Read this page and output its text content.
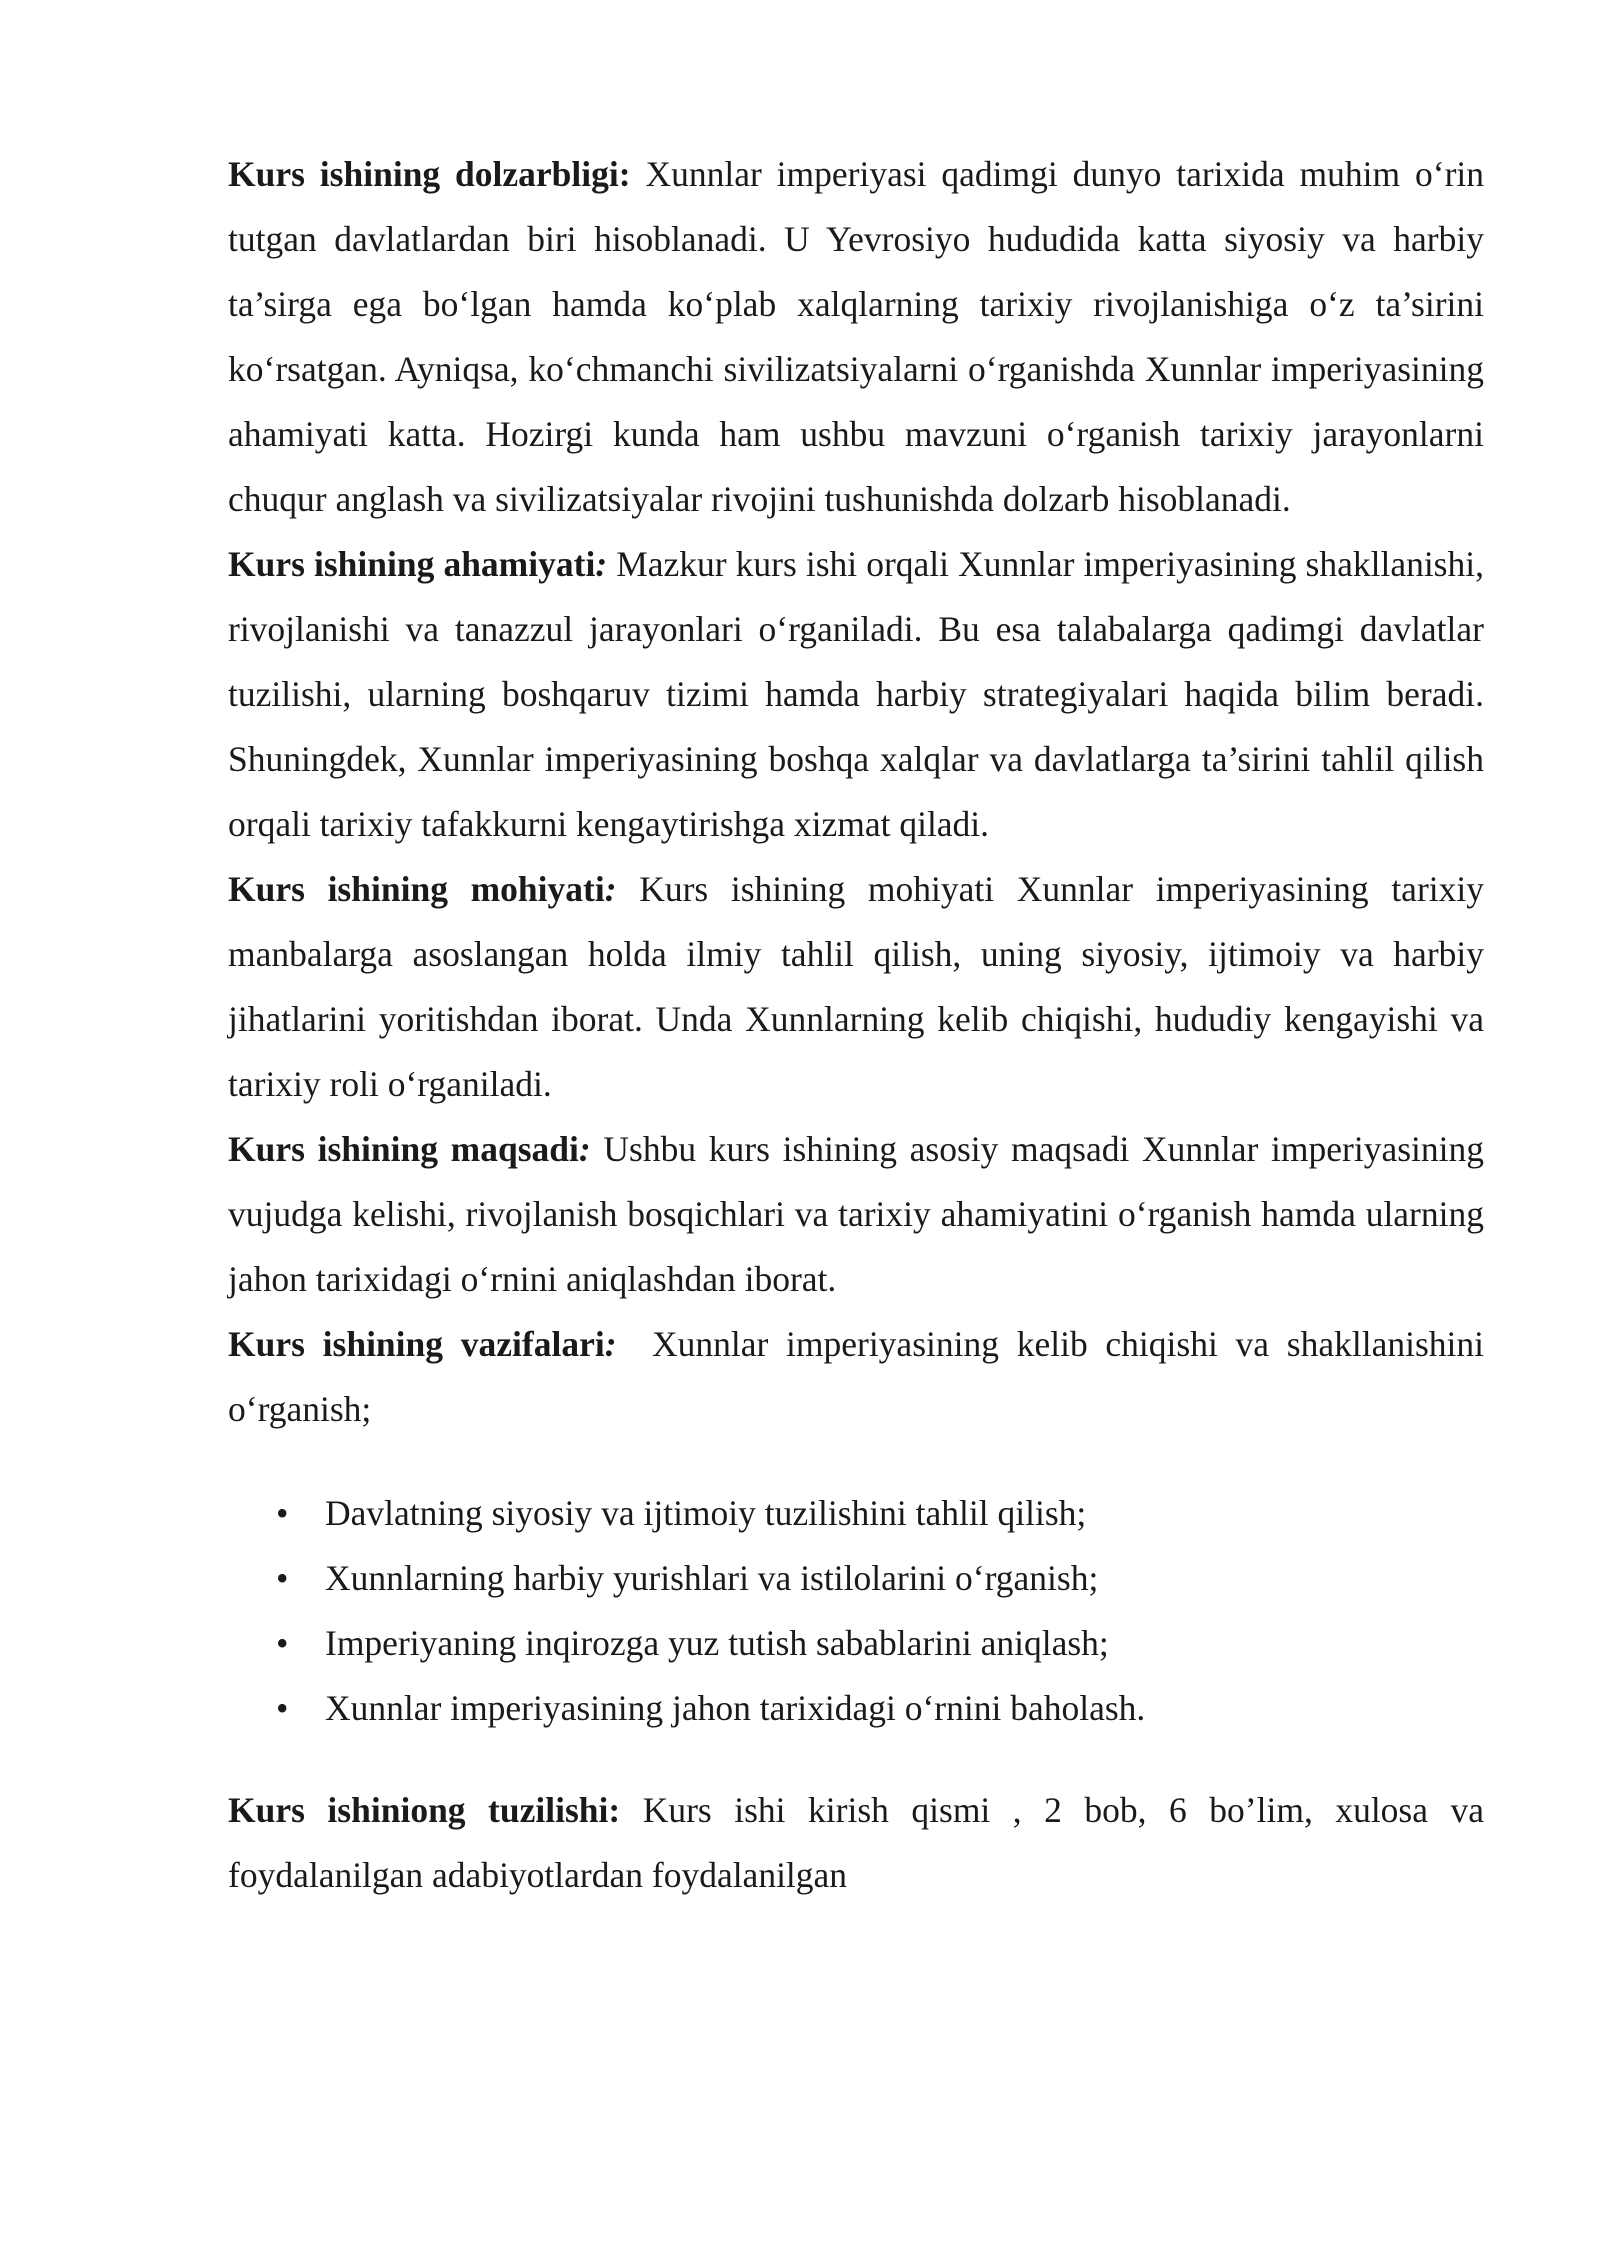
Kurs ishining dolzarbligi: Xunnlar imperiyasi qadimgi dunyo tarixida muhim o‘rin tutgan davlatlardan biri hisoblanadi. U Yevrosiyo hududida katta siyosiy va harbiy ta’sirga ega bo‘lgan hamda ko‘plab xalqlarning tarixiy rivojlanishiga o‘z ta’sirini ko‘rsatgan. Ayniqsa, ko‘chmanchi sivilizatsiyalarni o‘rganishda Xunnlar imperiyasining ahamiyati katta. Hozirgi kunda ham ushbu mavzuni o‘rganish tarixiy jarayonlarni chuqur anglash va sivilizatsiyalar rivojini tushunishda dolzarb hisoblanadi.

Kurs ishining ahamiyati: Mazkur kurs ishi orqali Xunnlar imperiyasining shakllanishi, rivojlanishi va tanazzul jarayonlari o‘rganiladi. Bu esa talabalarga qadimgi davlatlar tuzilishi, ularning boshqaruv tizimi hamda harbiy strategiyalari haqida bilim beradi. Shuningdek, Xunnlar imperiyasining boshqa xalqlar va davlatlarga ta’sirini tahlil qilish orqali tarixiy tafakkurni kengaytirishga xizmat qiladi.

Kurs ishining mohiyati: Kurs ishining mohiyati Xunnlar imperiyasining tarixiy manbalarga asoslangan holda ilmiy tahlil qilish, uning siyosiy, ijtimoiy va harbiy jihatlarini yoritishdan iborat. Unda Xunnlarning kelib chiqishi, hududiy kengayishi va tarixiy roli o‘rganiladi.

Kurs ishining maqsadi: Ushbu kurs ishining asosiy maqsadi Xunnlar imperiyasining vujudga kelishi, rivojlanish bosqichlari va tarixiy ahamiyatini o‘rganish hamda ularning jahon tarixidagi o‘rnini aniqlashdan iborat.

Kurs ishining vazifalari:  Xunnlar imperiyasining kelib chiqishi va shakllanishini o‘rganish;

• Davlatning siyosiy va ijtimoiy tuzilishini tahlil qilish;
• Xunnlarning harbiy yurishlari va istilolarini o‘rganish;
• Imperiyaning inqirozga yuz tutish sabablarini aniqlash;
• Xunnlar imperiyasining jahon tarixidagi o‘rnini baholash.

Kurs ishiniong tuzilishi: Kurs ishi kirish qismi , 2 bob, 6 bo’lim, xulosa va foydalanilgan adabiyotlardan foydalanilgan
